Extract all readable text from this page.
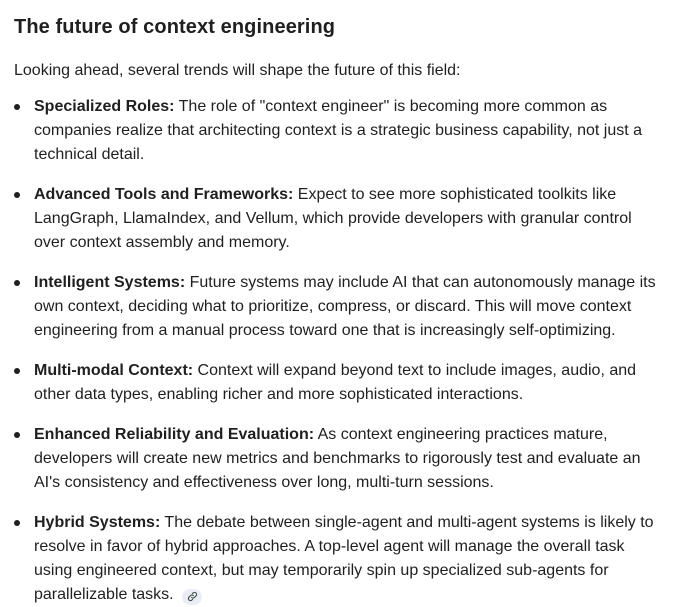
The future of context engineering

Looking ahead, several trends will shape the future of this field:

Specialized Roles: The role of "context engineer" is becoming more common as companies realize that architecting context is a strategic business capability, not just a technical detail.
Advanced Tools and Frameworks: Expect to see more sophisticated toolkits like LangGraph, LlamaIndex, and Vellum, which provide developers with granular control over context assembly and memory.
Intelligent Systems: Future systems may include AI that can autonomously manage its own context, deciding what to prioritize, compress, or discard. This will move context engineering from a manual process toward one that is increasingly self-optimizing.
Multi-modal Context: Context will expand beyond text to include images, audio, and other data types, enabling richer and more sophisticated interactions.
Enhanced Reliability and Evaluation: As context engineering practices mature, developers will create new metrics and benchmarks to rigorously test and evaluate an AI's consistency and effectiveness over long, multi-turn sessions.
Hybrid Systems: The debate between single-agent and multi-agent systems is likely to resolve in favor of hybrid approaches. A top-level agent will manage the overall task using engineered context, but may temporarily spin up specialized sub-agents for parallelizable tasks.
